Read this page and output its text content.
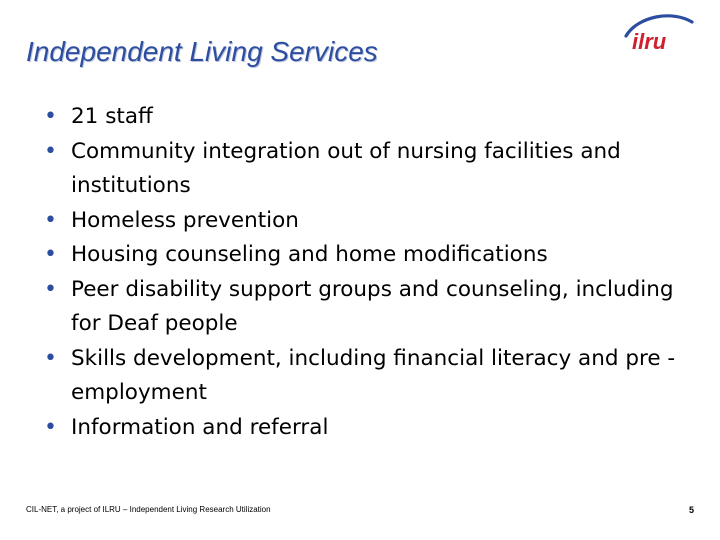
Independent Living Services	ilru
• 21 staff
• Community integration out of nursing facilities and institutions
• Homeless prevention
• Housing counseling and home modifications
• Peer disability support groups and counseling, including for Deaf people
• Skills development, including financial literacy and pre -employment
• Information and referral
CIL-NET, a project of ILRU – Independent Living Research Utilization	5
